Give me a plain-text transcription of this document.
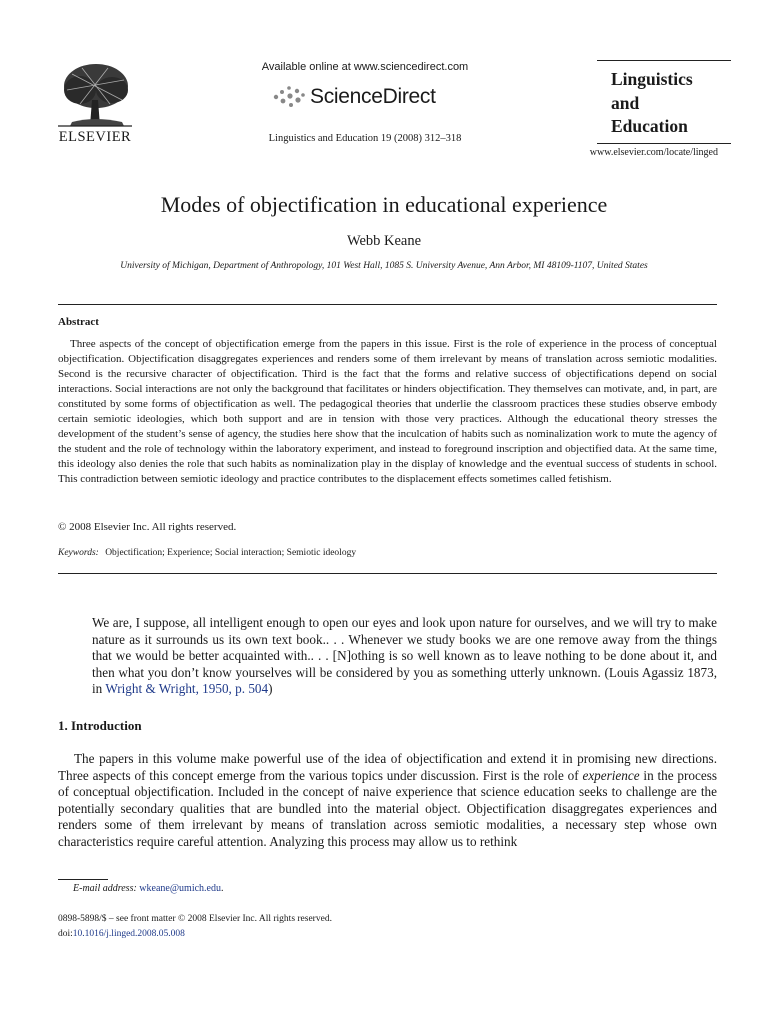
ELSEVIER
Available online at www.sciencedirect.com
ScienceDirect
Linguistics and Education 19 (2008) 312–318
Linguistics
and
Education
www.elsevier.com/locate/linged
Modes of objectification in educational experience
Webb Keane
University of Michigan, Department of Anthropology, 101 West Hall, 1085 S. University Avenue, Ann Arbor, MI 48109-1107, United States
Abstract
Three aspects of the concept of objectification emerge from the papers in this issue. First is the role of experience in the process of conceptual objectification. Objectification disaggregates experiences and renders some of them irrelevant by means of translation across semiotic modalities. Second is the recursive character of objectification. Third is the fact that the forms and relative success of objectifications depend on social interactions. Social interactions are not only the background that facilitates or hinders objectification. They themselves can motivate, and, in part, are constituted by some forms of objectification as well. The pedagogical theories that underlie the classroom practices these studies observe embody certain semiotic ideologies, which both support and are in tension with those very practices. Although the educational theory stresses the development of the student’s sense of agency, the studies here show that the inculcation of habits such as nominalization work to mute the agency of the student and the role of technology within the laboratory experiment, and instead to foreground inscription and objectified data. At the same time, this ideology also denies the role that such habits as nominalization play in the display of knowledge and the eventual success of students in school. This contradiction between semiotic ideology and practice contributes to the displacement effects sometimes called fetishism.
© 2008 Elsevier Inc. All rights reserved.
Keywords: Objectification; Experience; Social interaction; Semiotic ideology
We are, I suppose, all intelligent enough to open our eyes and look upon nature for ourselves, and we will try to make nature as it surrounds us its own text book.. . . Whenever we study books we are one remove away from the things that we would be better acquainted with.. . . [N]othing is so well known as to leave nothing to be done about it, and then what you don’t know yourselves will be considered by you as something utterly unknown. (Louis Agassiz 1873, in Wright & Wright, 1950, p. 504)
1. Introduction
The papers in this volume make powerful use of the idea of objectification and extend it in promising new directions. Three aspects of this concept emerge from the various topics under discussion. First is the role of experience in the process of conceptual objectification. Included in the concept of naive experience that science education seeks to challenge are the potentially secondary qualities that are bundled into the material object. Objectification disaggregates experiences and renders some of them irrelevant by means of translation across semiotic modalities, a necessary step whose own characteristics require careful attention. Analyzing this process may allow us to rethink
E-mail address: wkeane@umich.edu.
0898-5898/$ – see front matter © 2008 Elsevier Inc. All rights reserved.
doi:10.1016/j.linged.2008.05.008
